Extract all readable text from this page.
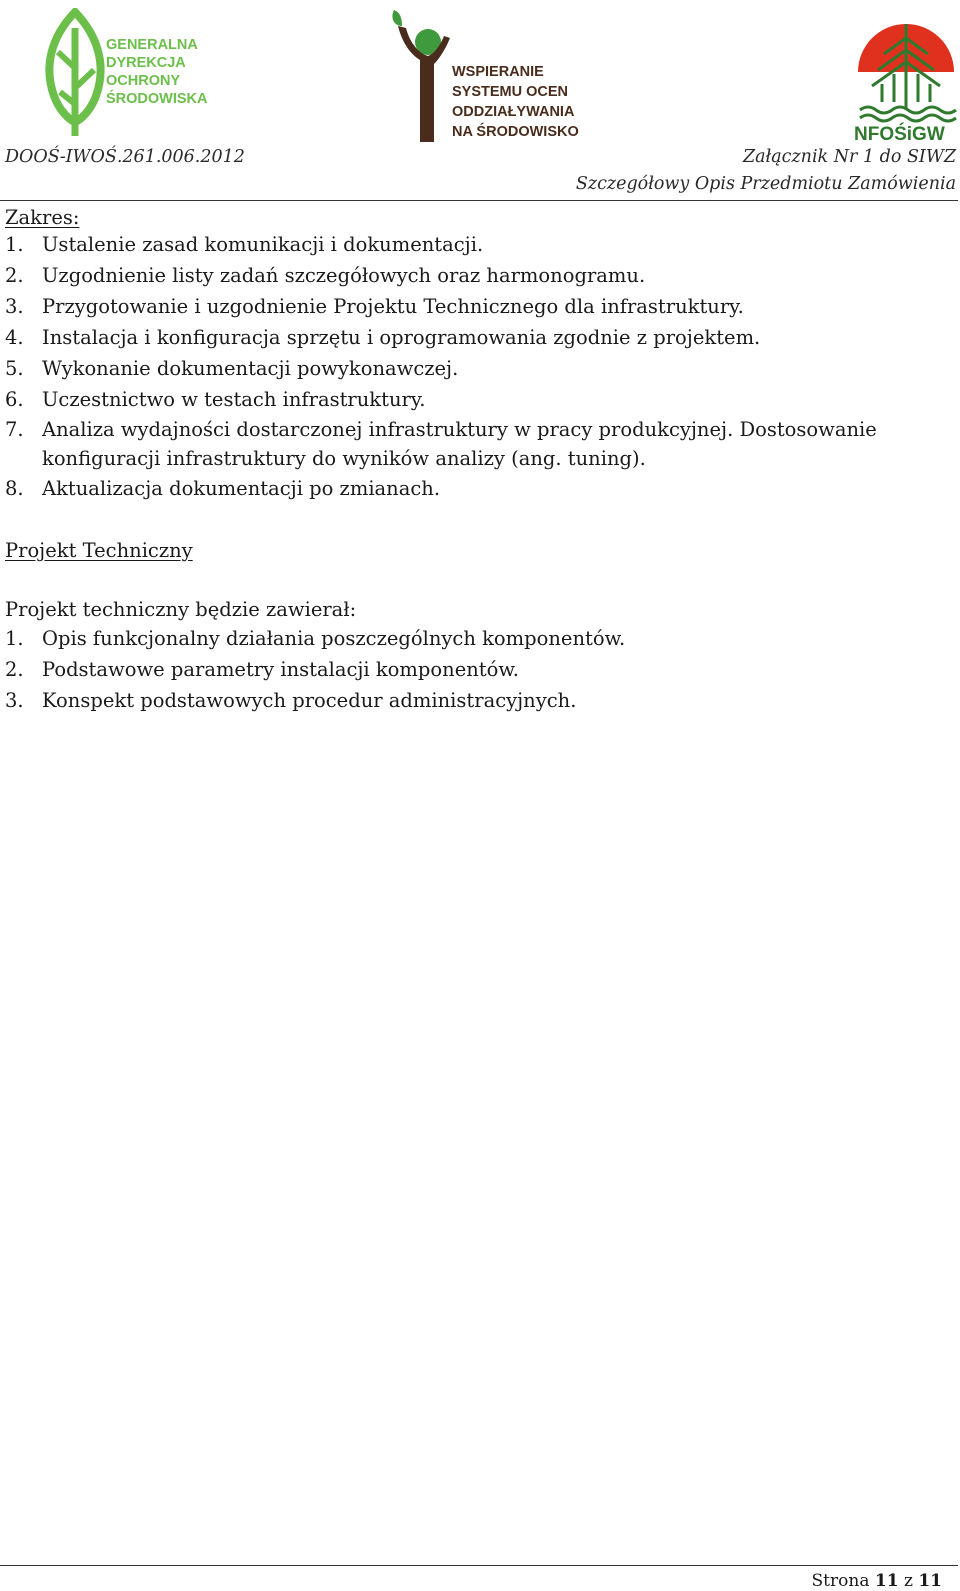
GENERALNA
DYREKCJA
OCHRONY
ŚRODOWISKA
WSPIERANIE
SYSTEMU OCEN
ODDZIAŁYWANIA
NA ŚRODOWISKO	NFOŚiGW
DOOŚ-IWOŚ.261.006.2012	Załącznik Nr 1 do SIWZ
Szczegółowy Opis Przedmiotu Zamówienia
Zakres:
1. Ustalenie zasad komunikacji i dokumentacji.
2. Uzgodnienie listy zadań szczegółowych oraz harmonogramu.
3. Przygotowanie i uzgodnienie Projektu Technicznego dla infrastruktury.
4. Instalacja i konfiguracja sprzętu i oprogramowania zgodnie z projektem.
5. Wykonanie dokumentacji powykonawczej.
6. Uczestnictwo w testach infrastruktury.
7. Analiza wydajności dostarczonej infrastruktury w pracy produkcyjnej. Dostosowanie
konfiguracji infrastruktury do wyników analizy (ang. tuning).
8. Aktualizacja dokumentacji po zmianach.
Projekt Techniczny
Projekt techniczny będzie zawierał:
1. Opis funkcjonalny działania poszczególnych komponentów.
2. Podstawowe parametry instalacji komponentów.
3. Konspekt podstawowych procedur administracyjnych.
Strona 11 z 11
